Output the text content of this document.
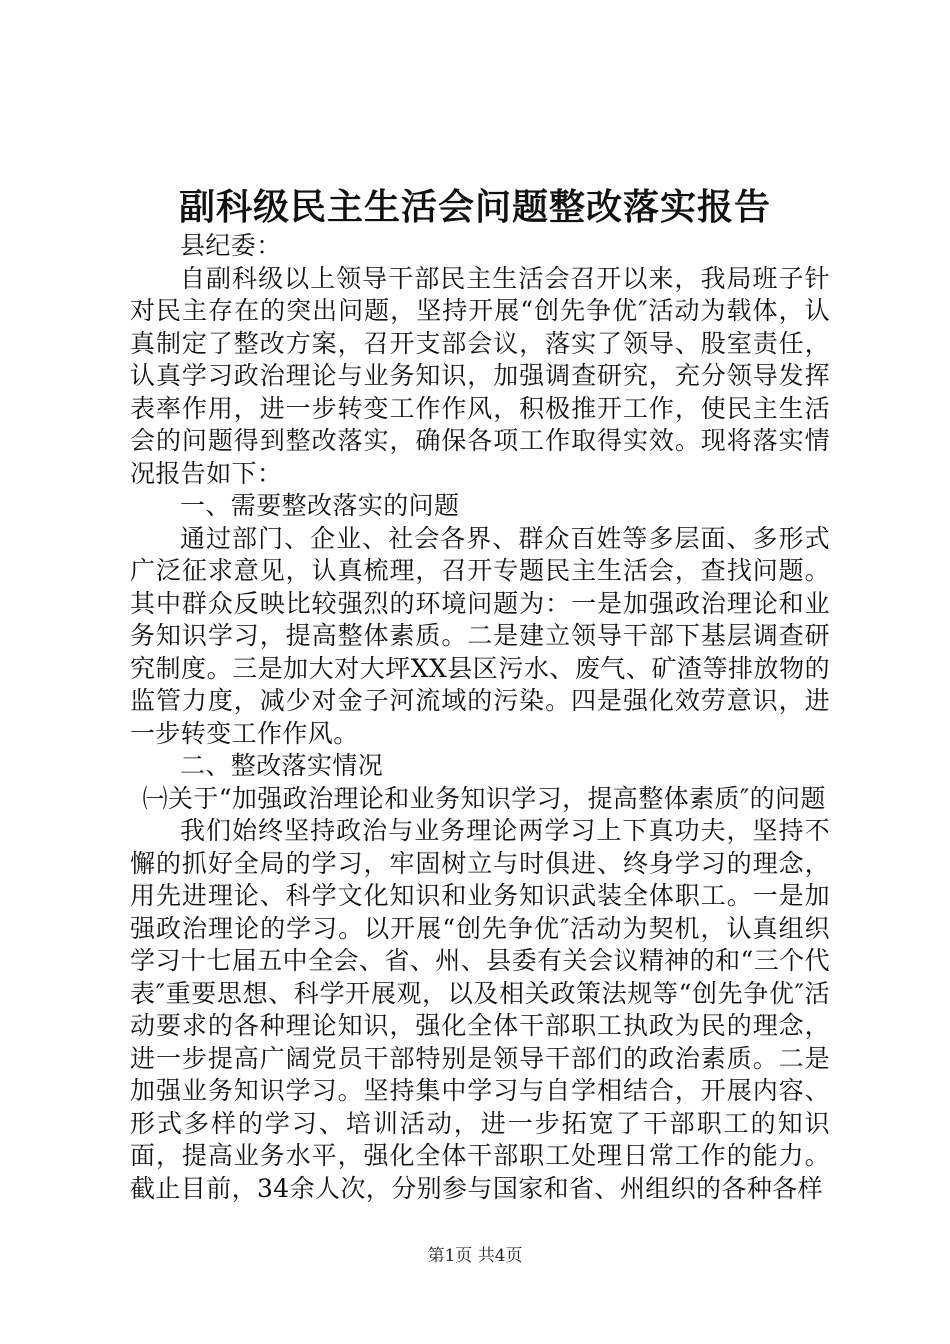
副科级民主生活会问题整改落实报告

县纪委：

自副科级以上领导干部民主生活会召开以来，我局班子针对民主存在的突出问题，坚持开展“创先争优″活动为载体，认真制定了整改方案，召开支部会议，落实了领导、股室责任，认真学习政治理论与业务知识，加强调查研究，充分领导发挥表率作用，进一步转变工作作风，积极推开工作，使民主生活会的问题得到整改落实，确保各项工作取得实效。现将落实情况报告如下：

一、需要整改落实的问题

通过部门、企业、社会各界、群众百姓等多层面、多形式广泛征求意见，认真梳理，召开专题民主生活会，查找问题。其中群众反映比较强烈的环境问题为：一是加强政治理论和业务知识学习，提高整体素质。二是建立领导干部下基层调查研究制度。三是加大对大坪XX县区污水、废气、矿渣等排放物的监管力度，减少对金子河流域的污染。四是强化效劳意识，进一步转变工作作风。

二、整改落实情况

㈠关于“加强政治理论和业务知识学习，提高整体素质″的问题

我们始终坚持政治与业务理论两学习上下真功夫，坚持不懈的抓好全局的学习，牢固树立与时俱进、终身学习的理念，用先进理论、科学文化知识和业务知识武装全体职工。一是加强政治理论的学习。以开展“创先争优″活动为契机，认真组织学习十七届五中全会、省、州、县委有关会议精神的和“三个代表″重要思想、科学开展观，以及相关政策法规等“创先争优″活动要求的各种理论知识，强化全体干部职工执政为民的理念，进一步提高广阔党员干部特别是领导干部们的政治素质。二是加强业务知识学习。坚持集中学习与自学相结合，开展内容、形式多样的学习、培训活动，进一步拓宽了干部职工的知识面，提高业务水平，强化全体干部职工处理日常工作的能力。截止目前，34余人次，分别参与国家和省、州组织的各种各样

第1页 共4页
